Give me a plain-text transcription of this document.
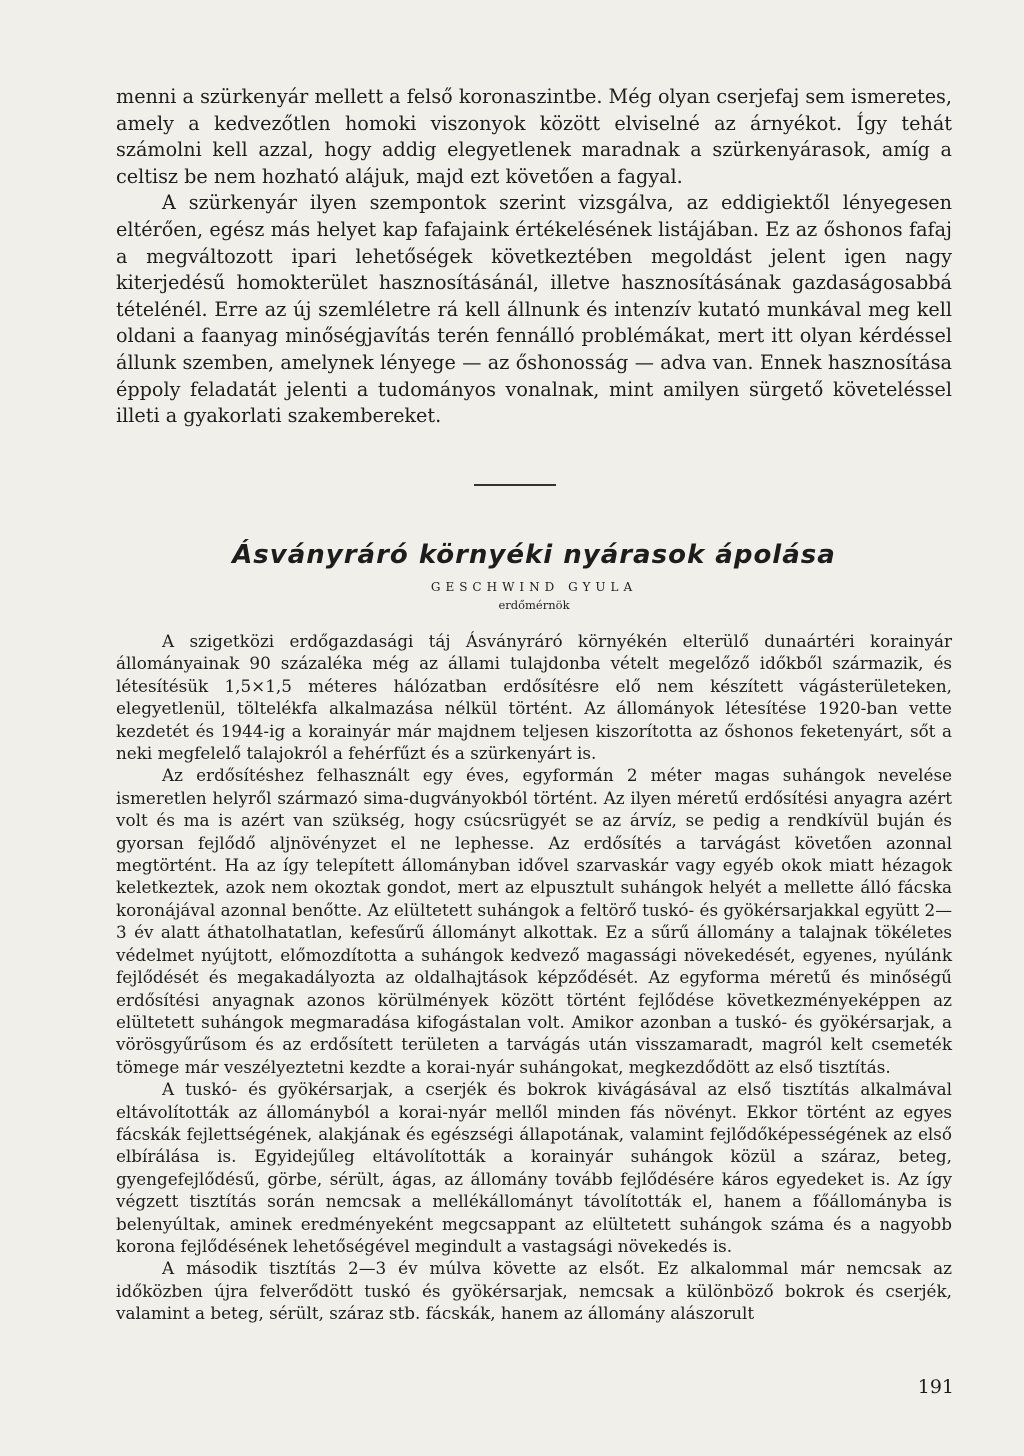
menni a szürkenyár mellett a felső koronaszintbe. Még olyan cserjefaj sem ismeretes, amely a kedvezőtlen homoki viszonyok között elviselné az árnyékot. Így tehát számolni kell azzal, hogy addig elegyetlenek maradnak a szürkenyárasok, amíg a celtisz be nem hozható alájuk, majd ezt követően a fagyal.

A szürkenyár ilyen szempontok szerint vizsgálva, az eddigiektől lényegesen eltérően, egész más helyet kap fafajaink értékelésének listájában. Ez az őshonos fafaj a megváltozott ipari lehetőségek következtében megoldást jelent igen nagy kiterjedésű homokterület hasznosításánál, illetve hasznosításának gazdaságosabbá tételénél. Erre az új szemléletre rá kell állnunk és intenzív kutató munkával meg kell oldani a faanyag minőségjavítás terén fennálló problémákat, mert itt olyan kérdéssel állunk szemben, amelynek lényege — az őshonosság — adva van. Ennek hasznosítása éppoly feladatát jelenti a tudományos vonalnak, mint amilyen sürgető követeléssel illeti a gyakorlati szakembereket.

Ásványráró környéki nyárasok ápolása
GESCHWIND GYULA
erdőmérnök

A szigetközi erdőgazdasági táj Ásványráró környékén elterülő dunaártéri korainyár állományainak 90 százaléka még az állami tulajdonba vételt megelőző időkből származik, és létesítésük 1,5×1,5 méteres hálózatban erdősítésre elő nem készített vágásterületeken, elegyetlenül, töltelékfa alkalmazása nélkül történt. Az állományok létesítése 1920-ban vette kezdetét és 1944-ig a korainyár már majdnem teljesen kiszorította az őshonos feketenyárt, sőt a neki megfelelő talajokról a fehérfűzt és a szürkenyárt is.

Az erdősítéshez felhasznált egy éves, egyformán 2 méter magas suhángok nevelése ismeretlen helyről származó sima-dugványokból történt. Az ilyen méretű erdősítési anyagra azért volt és ma is azért van szükség, hogy csúcsrügyét se az árvíz, se pedig a rendkívül buján és gyorsan fejlődő aljnövényzet el ne lephesse. Az erdősítés a tarvágást követően azonnal megtörtént. Ha az így telepített állományban idővel szarvaskár vagy egyéb okok miatt hézagok keletkeztek, azok nem okoztak gondot, mert az elpusztult suhángok helyét a mellette álló fácska koronájával azonnal benőtte. Az elültetett suhángok a feltörő tuskó- és gyökérsarjakkal együtt 2—3 év alatt áthatolhatatlan, kefesűrű állományt alkottak. Ez a sűrű állomány a talajnak tökéletes védelmet nyújtott, előmozdította a suhángok kedvező magassági növekedését, egyenes, nyúlánk fejlődését és megakadályozta az oldalhajtások képződését. Az egyforma méretű és minőségű erdősítési anyagnak azonos körülmények között történt fejlődése következményeképpen az elültetett suhángok megmaradása kifogástalan volt. Amikor azonban a tuskó- és gyökérsarjak, a vörösgyűrűsom és az erdősített területen a tarvágás után visszamaradt, magról kelt csemeték tömege már veszélyeztetni kezdte a korai-nyár suhángokat, megkezdődött az első tisztítás.

A tuskó- és gyökérsarjak, a cserjék és bokrok kivágásával az első tisztítás alkalmával eltávolították az állományból a korai-nyár mellől minden fás növényt. Ekkor történt az egyes fácskák fejlettségének, alakjának és egészségi állapotának, valamint fejlődőképességének az első elbírálása is. Egyidejűleg eltávolították a korainyár suhángok közül a száraz, beteg, gyengefejlődésű, görbe, sérült, ágas, az állomány tovább fejlődésére káros egyedeket is. Az így végzett tisztítás során nemcsak a mellékállományt távolították el, hanem a főállományba is belenyúltak, aminek eredményeként megcsappant az elültetett suhángok száma és a nagyobb korona fejlődésének lehetőségével megindult a vastagsági növekedés is.

A második tisztítás 2—3 év múlva követte az elsőt. Ez alkalommal már nemcsak az időközben újra felverődött tuskó és gyökérsarjak, nemcsak a különböző bokrok és cserjék, valamint a beteg, sérült, száraz stb. fácskák, hanem az állomány alászorult

191
